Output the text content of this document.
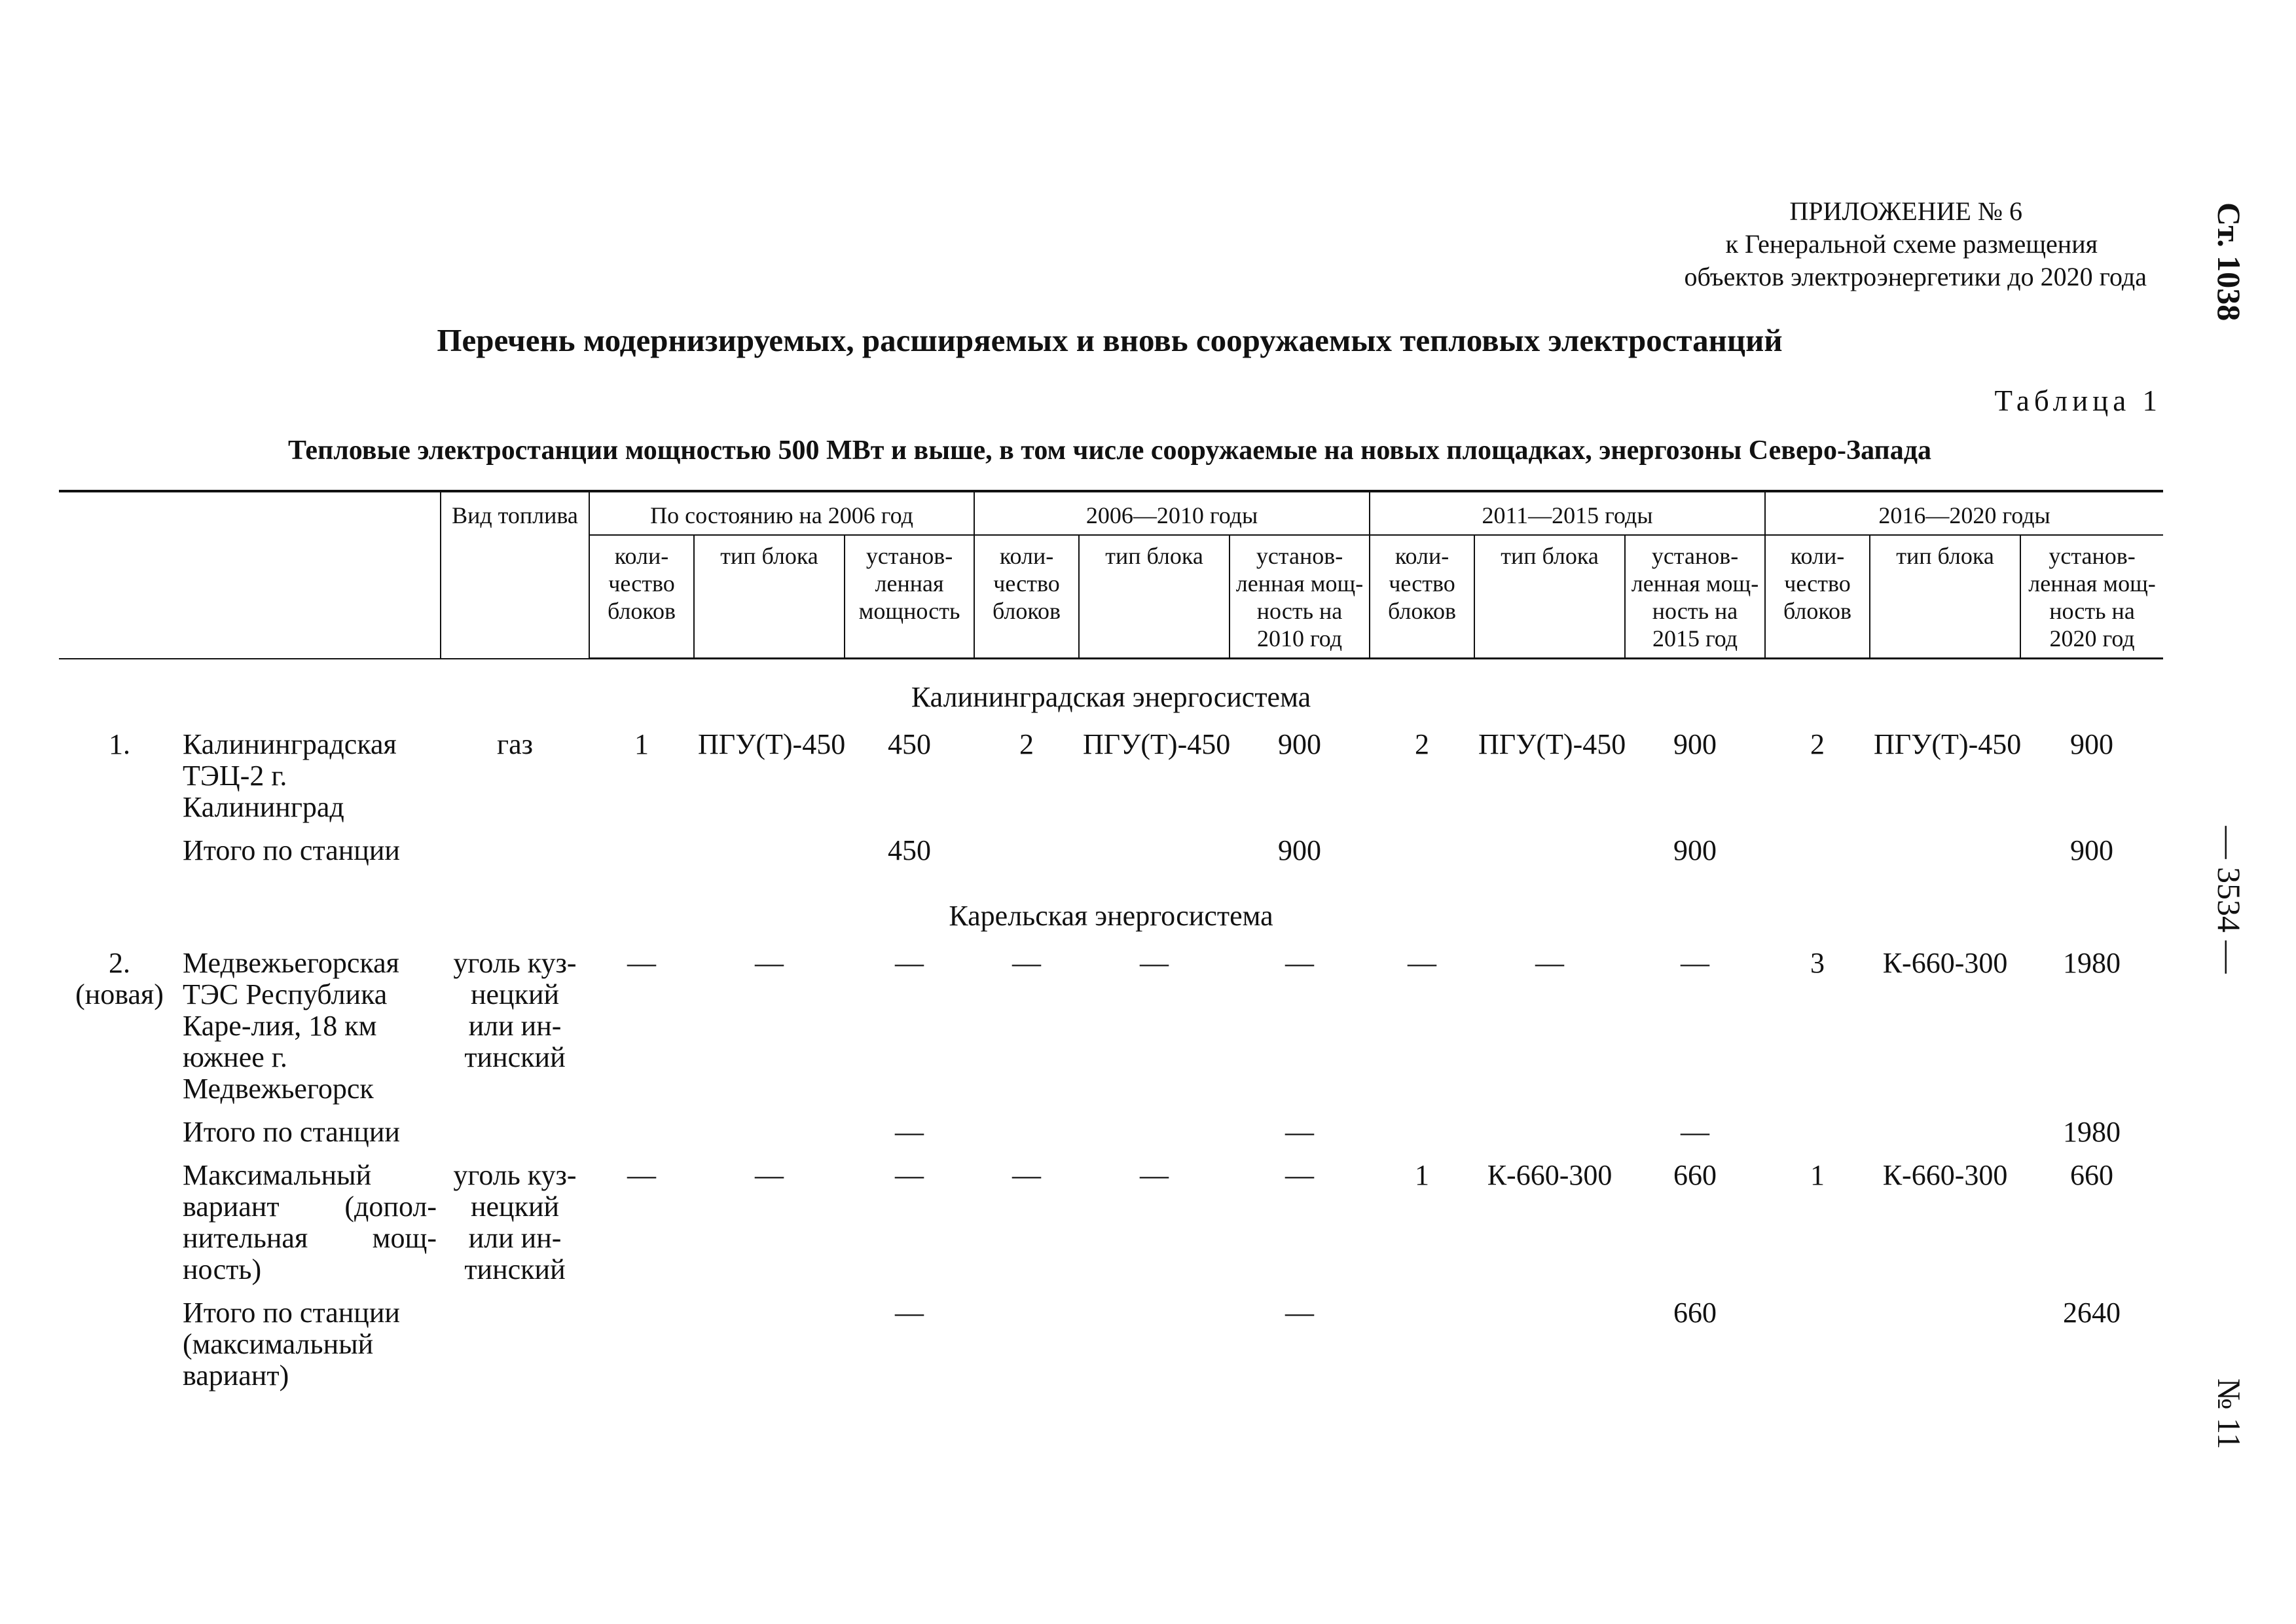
ПРИЛОЖЕНИЕ № 6
к Генеральной схеме размещения
объектов электроэнергетики до 2020 года
Перечень модернизируемых, расширяемых и вновь сооружаемых тепловых электростанций
Таблица 1
Тепловые электростанции мощностью 500 МВт и выше, в том числе сооружаемые на новых площадках, энергозоны Северо-Запада
Ст. 1038
— 3534 —
№ 11
		Вид топлива	По состоянию на 2006 год			2006—2010 годы			2011—2015 годы			2016—2020 годы		
			коли-чество блоков	тип блока	установ-ленная мощность	коли-чество блоков	тип блока	установ-ленная мощ-ность на 2010 год	коли-чество блоков	тип блока	установ-ленная мощ-ность на 2015 год	коли-чество блоков	тип блока	установ-ленная мощ-ность на 2020 год
Калининградская энергосистема														
1.	Калининградская ТЭЦ-2 г. Калининград	газ	1	ПГУ(Т)-450	450	2	ПГУ(Т)-450	900	2	ПГУ(Т)-450	900	2	ПГУ(Т)-450	900
	Итого по станции				450			900			900			900
Карельская энергосистема														
2. (новая)	Медвежьегорская ТЭС Республика Каре-лия, 18 км южнее г. Медвежьегорск	уголь куз-нецкий или ин-тинский	—	—	—	—	—	—	—	—	—	3	К-660-300	1980
	Итого по станции				—			—			—			1980
	Максимальный вариант (допол-нительная мощ-ность)	уголь куз-нецкий или ин-тинский	—	—	—	—	—	—	1	К-660-300	660	1	К-660-300	660
	Итого по станции (максимальный вариант)				—			—			660			2640
